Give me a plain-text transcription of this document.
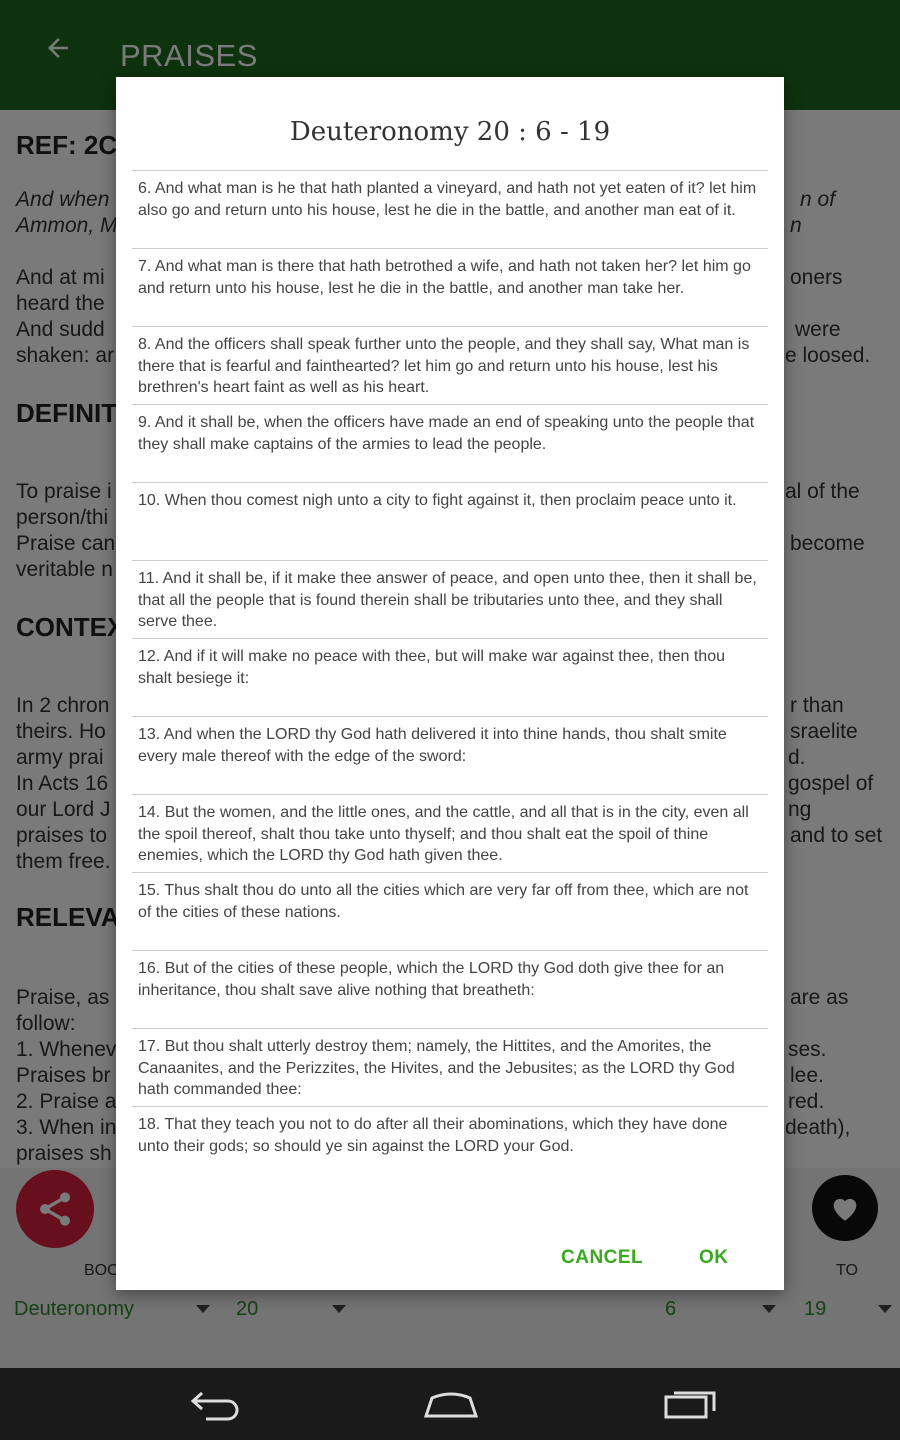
Deuteronomy 20 : 6 - 19
6. And what man is he that hath planted a vineyard, and hath not yet eaten of it? let him also go and return unto his house, lest he die in the battle, and another man eat of it.
7. And what man is there that hath betrothed a wife, and hath not taken her? let him go and return unto his house, lest he die in the battle, and another man take her.
8. And the officers shall speak further unto the people, and they shall say, What man is there that is fearful and fainthearted? let him go and return unto his house, lest his brethren's heart faint as well as his heart.
9. And it shall be, when the officers have made an end of speaking unto the people that they shall make captains of the armies to lead the people.
10. When thou comest nigh unto a city to fight against it, then proclaim peace unto it.
11. And it shall be, if it make thee answer of peace, and open unto thee, then it shall be, that all the people that is found therein shall be tributaries unto thee, and they shall serve thee.
12. And if it will make no peace with thee, but will make war against thee, then thou shalt besiege it:
13. And when the LORD thy God hath delivered it into thine hands, thou shalt smite every male thereof with the edge of the sword:
14. But the women, and the little ones, and the cattle, and all that is in the city, even all the spoil thereof, shalt thou take unto thyself; and thou shalt eat the spoil of thine enemies, which the LORD thy God hath given thee.
15. Thus shalt thou do unto all the cities which are very far off from thee, which are not of the cities of these nations.
16. But of the cities of these people, which the LORD thy God doth give thee for an inheritance, thou shalt save alive nothing that breatheth:
17. But thou shalt utterly destroy them; namely, the Hittites, and the Amorites, the Canaanites, and the Perizzites, the Hivites, and the Jebusites; as the LORD thy God hath commanded thee:
18. That they teach you not to do after all their abominations, which they have done unto their gods; so should ye sin against the LORD your God.
CANCEL	OK
